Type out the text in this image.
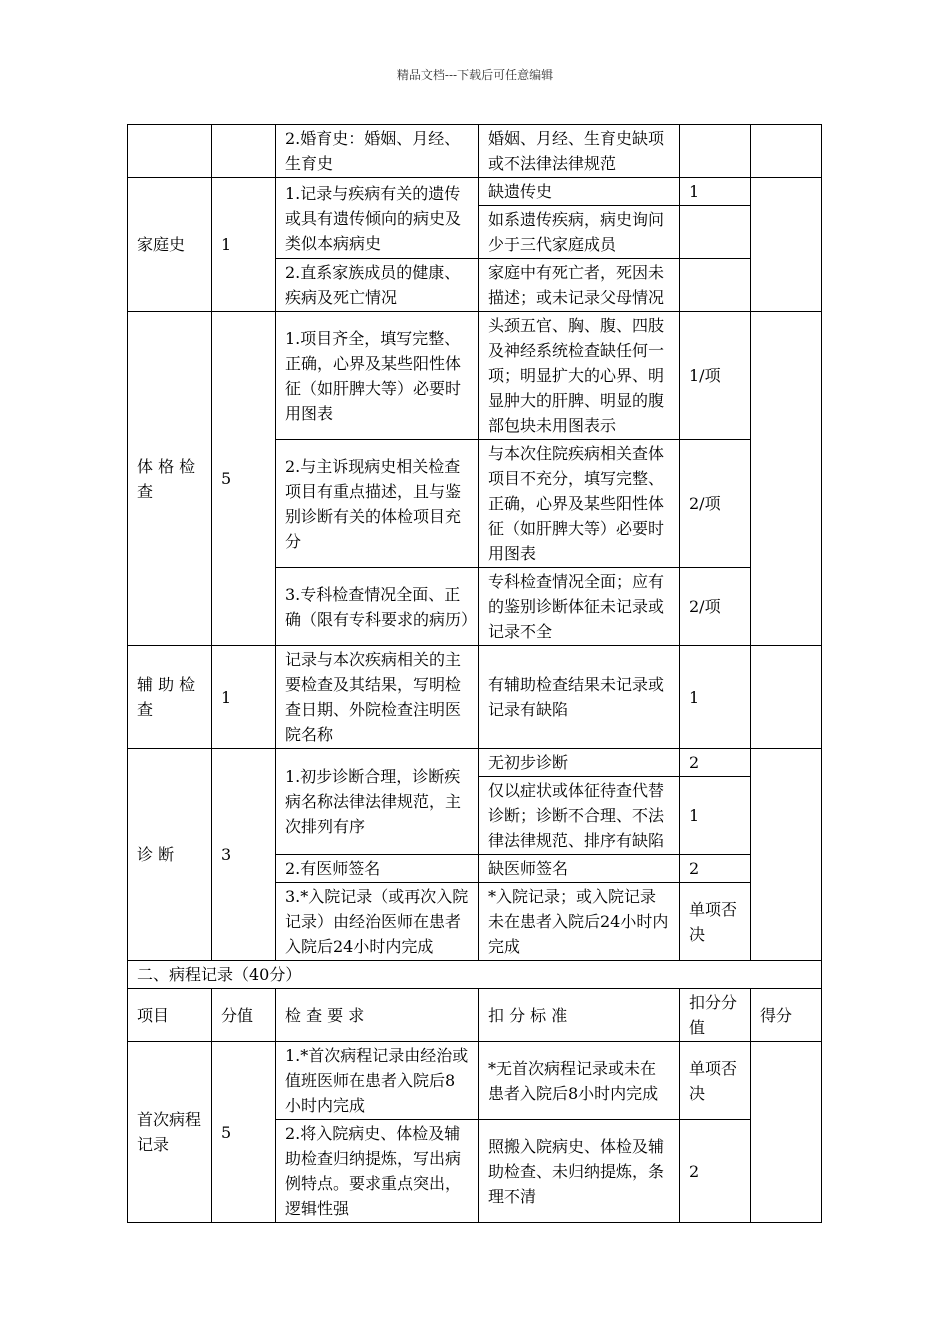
精品文档---下载后可任意编辑
		2.婚育史：婚姻、月经、生育史	婚姻、月经、生育史缺项或不法律法律规范		
家庭史	1	1.记录与疾病有关的遗传或具有遗传倾向的病史及类似本病病史	缺遗传史	1	
			如系遗传疾病，病史询问少于三代家庭成员		
		2.直系家族成员的健康、疾病及死亡情况	家庭中有死亡者，死因未描述；或未记录父母情况		
体 格 检 查	5	1.项目齐全，填写完整、正确，心界及某些阳性体征（如肝脾大等）必要时用图表	头颈五官、胸、腹、四肢及神经系统检查缺任何一项；明显扩大的心界、明显肿大的肝脾、明显的腹部包块未用图表示	1/项	
		2.与主诉现病史相关检查项目有重点描述，且与鉴别诊断有关的体检项目充分	与本次住院疾病相关查体项目不充分，填写完整、正确，心界及某些阳性体征（如肝脾大等）必要时用图表	2/项	
		3.专科检查情况全面、正确（限有专科要求的病历）	专科检查情况全面；应有的鉴别诊断体征未记录或记录不全	2/项	
辅 助 检 查	1	记录与本次疾病相关的主要检查及其结果，写明检查日期、外院检查注明医院名称	有辅助检查结果未记录或记录有缺陷	1	
诊 断	3	1.初步诊断合理，诊断疾病名称法律法律规范，主次排列有序	无初步诊断	2	
			仅以症状或体征待查代替诊断；诊断不合理、不法律法律规范、排序有缺陷	1	
		2.有医师签名	缺医师签名	2	
		3.*入院记录（或再次入院记录）由经治医师在患者入院后24小时内完成	*入院记录；或入院记录未在患者入院后24小时内完成	单项否决	
二、病程记录（40分）					
项目	分值	检 查 要 求	扣 分 标 准	扣分分值	得分
首次病程记录	5	1.*首次病程记录由经治或值班医师在患者入院后8小时内完成	*无首次病程记录或未在患者入院后8小时内完成	单项否决	
		2.将入院病史、体检及辅助检查归纳提炼，写出病例特点。要求重点突出，逻辑性强	照搬入院病史、体检及辅助检查、未归纳提炼，条理不清	2	
